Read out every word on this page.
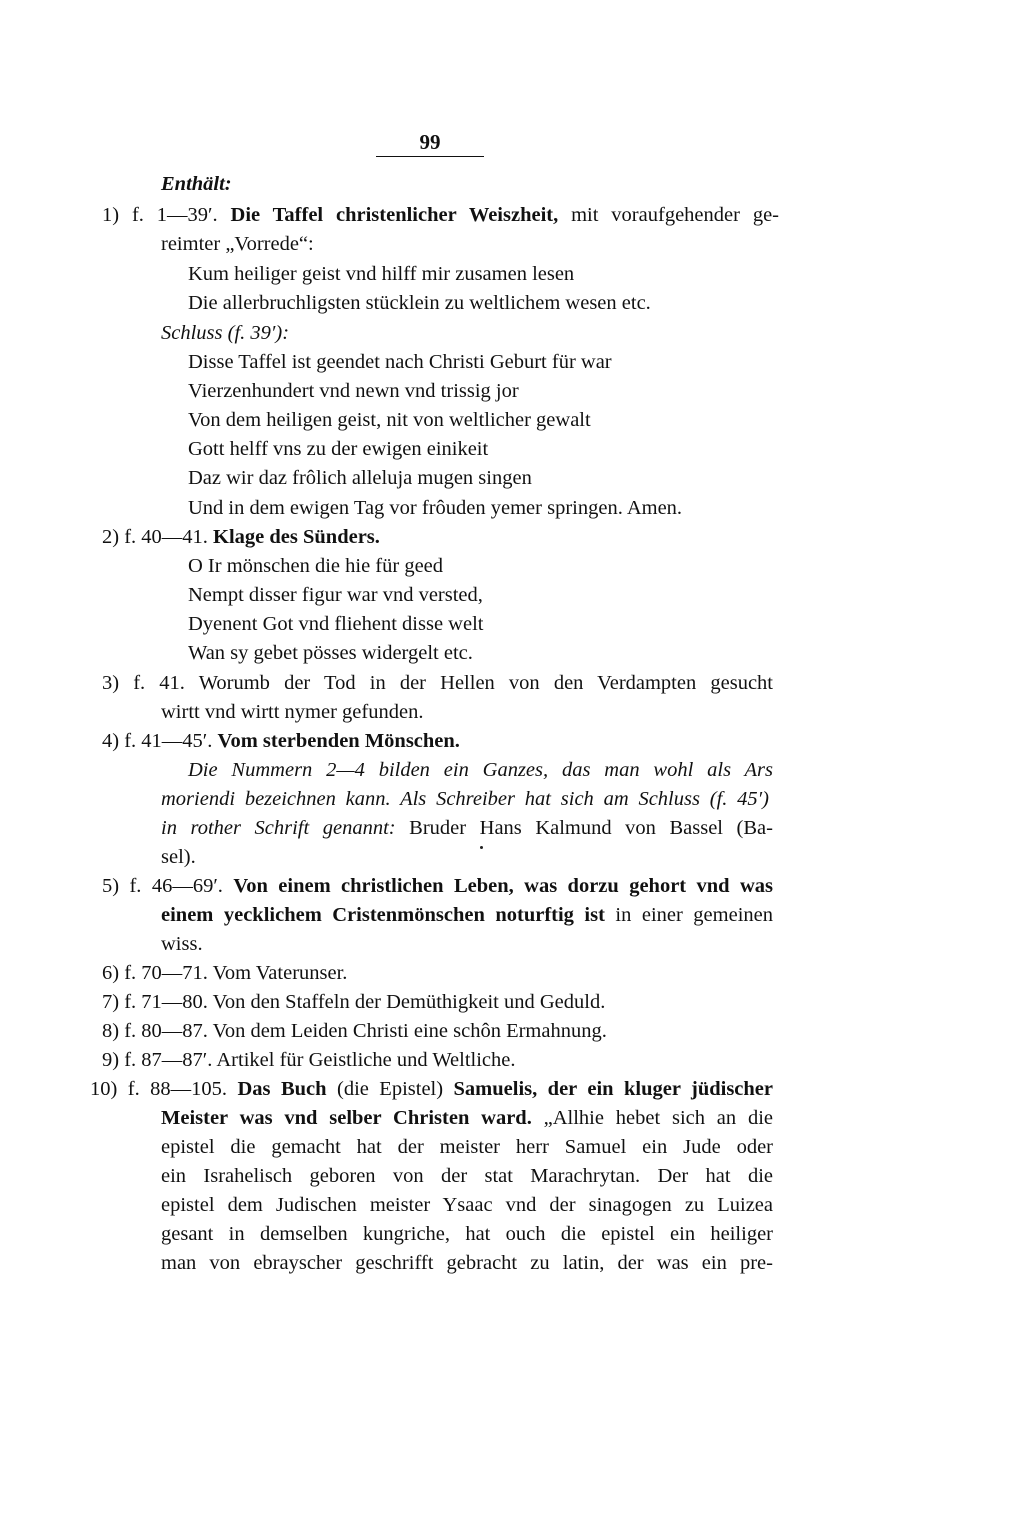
99
Enthält:
1) f. 1—39′. Die Taffel christenlicher Weiszheit, mit voraufgehender ge-
reimter „Vorrede“:
Kum heiliger geist vnd hilff mir zusamen lesen
Die allerbruchligsten stücklein zu weltlichem wesen etc.
Schluss (f. 39′):
Disse Taffel ist geendet nach Christi Geburt für war
Vierzenhundert vnd newn vnd trissig jor
Von dem heiligen geist, nit von weltlicher gewalt
Gott helff vns zu der ewigen einikeit
Daz wir daz frôlich alleluja mugen singen
Und in dem ewigen Tag vor frôuden yemer springen. Amen.
2) f. 40—41. Klage des Sünders.
O Ir mönschen die hie für geed
Nempt disser figur war vnd versted,
Dyenent Got vnd fliehent disse welt
Wan sy gebet pösses widergelt etc.
3) f. 41. Worumb der Tod in der Hellen von den Verdampten gesucht
wirtt vnd wirtt nymer gefunden.
4) f. 41—45′. Vom sterbenden Mönschen.
Die Nummern 2—4 bilden ein Ganzes, das man wohl als Ars
moriendi bezeichnen kann. Als Schreiber hat sich am Schluss (f. 45′)
in rother Schrift genannt: Bruder Hans Kalmund von Bassel (Ba-
sel).
5) f. 46—69′. Von einem christlichen Leben, was dorzu gehort vnd was
einem yecklichem Cristenmönschen noturftig ist in einer gemeinen
wiss.
6) f. 70—71. Vom Vaterunser.
7) f. 71—80. Von den Staffeln der Demüthigkeit und Geduld.
8) f. 80—87. Von dem Leiden Christi eine schôn Ermahnung.
9) f. 87—87′. Artikel für Geistliche und Weltliche.
10) f. 88—105. Das Buch (die Epistel) Samuelis, der ein kluger jüdischer
Meister was vnd selber Christen ward. „Allhie hebet sich an die
epistel die gemacht hat der meister herr Samuel ein Jude oder
ein Israhelisch geboren von der stat Marachrytan. Der hat die
epistel dem Judischen meister Ysaac vnd der sinagogen zu Luizea
gesant in demselben kungriche, hat ouch die epistel ein heiliger
man von ebrayscher geschrifft gebracht zu latin, der was ein pre-
